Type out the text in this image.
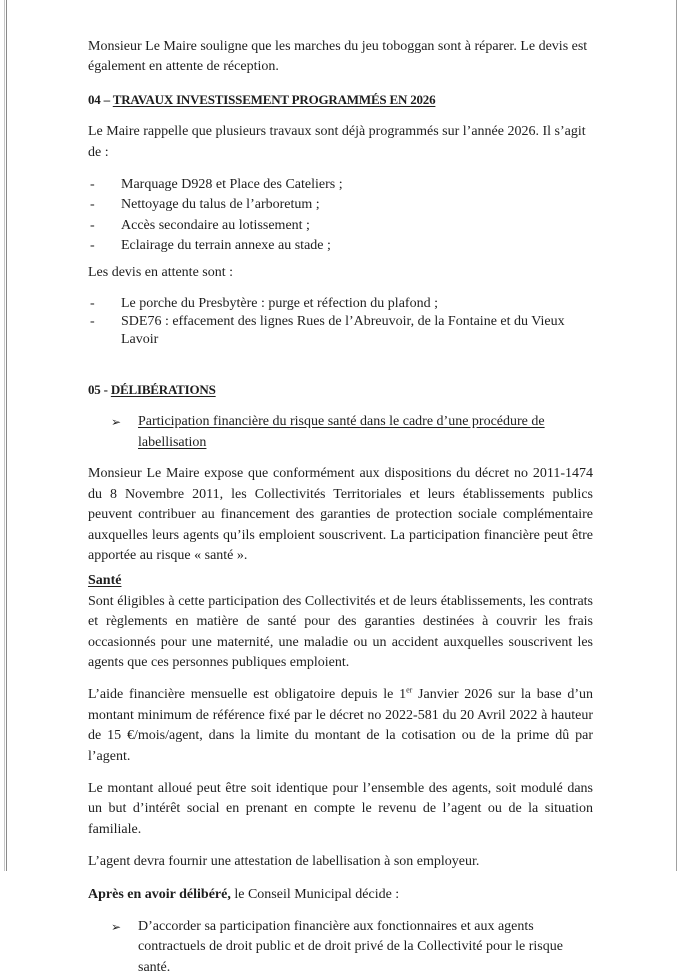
Monsieur Le Maire souligne que les marches du jeu toboggan sont à réparer. Le devis est également en attente de réception.

04 – TRAVAUX INVESTISSEMENT PROGRAMMÉS EN 2026

Le Maire rappelle que plusieurs travaux sont déjà programmés sur l’année 2026. Il s’agit de :

- Marquage D928 et Place des Cateliers ;
- Nettoyage du talus de l’arboretum ;
- Accès secondaire au lotissement ;
- Eclairage du terrain annexe au stade ;

Les devis en attente sont :

- Le porche du Presbytère : purge et réfection du plafond ;
- SDE76 : effacement des lignes Rues de l’Abreuvoir, de la Fontaine et du Vieux Lavoir

05 - DÉLIBÉRATIONS

➢ Participation financière du risque santé dans le cadre d’une procédure de labellisation

Monsieur Le Maire expose que conformément aux dispositions du décret no 2011-1474 du 8 Novembre 2011, les Collectivités Territoriales et leurs établissements publics peuvent contribuer au financement des garanties de protection sociale complémentaire auxquelles leurs agents qu’ils emploient souscrivent. La participation financière peut être apportée au risque « santé ».

Santé

Sont éligibles à cette participation des Collectivités et de leurs établissements, les contrats et règlements en matière de santé pour des garanties destinées à couvrir les frais occasionnés pour une maternité, une maladie ou un accident auxquelles souscrivent les agents que ces personnes publiques emploient.

L’aide financière mensuelle est obligatoire depuis le 1er Janvier 2026 sur la base d’un montant minimum de référence fixé par le décret no 2022-581 du 20 Avril 2022 à hauteur de 15 €/mois/agent, dans la limite du montant de la cotisation ou de la prime dû par l’agent.

Le montant alloué peut être soit identique pour l’ensemble des agents, soit modulé dans un but d’intérêt social en prenant en compte le revenu de l’agent ou de la situation familiale.

L’agent devra fournir une attestation de labellisation à son employeur.

Après en avoir délibéré, le Conseil Municipal décide :

➢ D’accorder sa participation financière aux fonctionnaires et aux agents contractuels de droit public et de droit privé de la Collectivité pour le risque santé.
